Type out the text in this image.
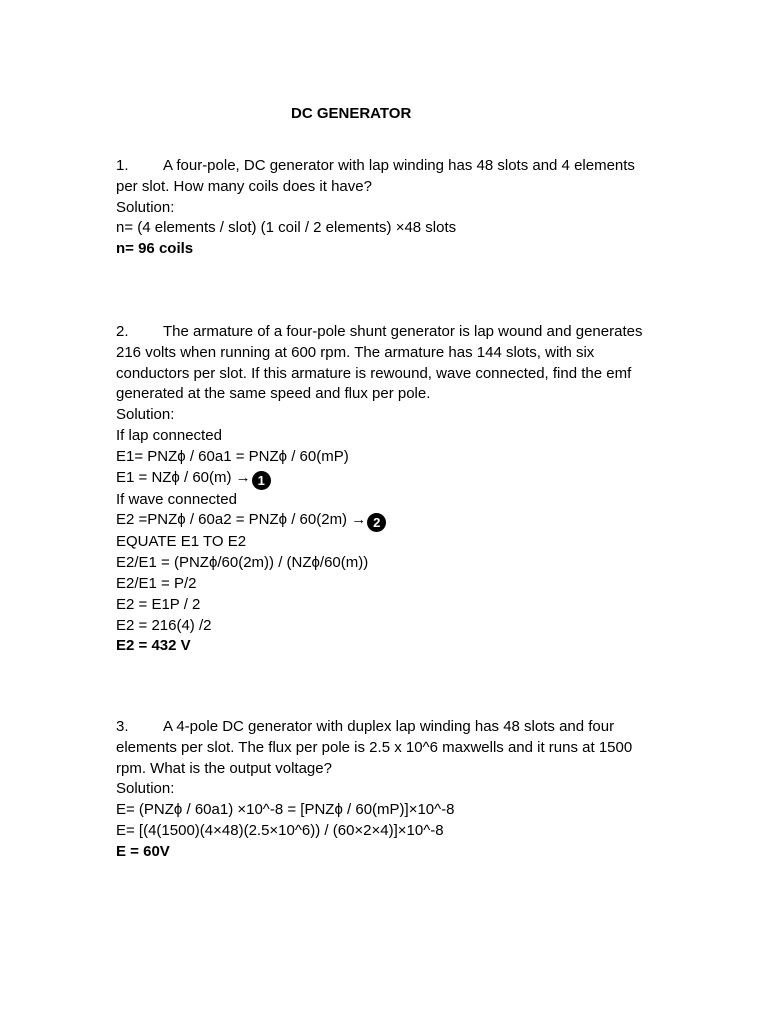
DC GENERATOR
1. A four-pole, DC generator with lap winding has 48 slots and 4 elements per slot. How many coils does it have?
Solution:
n= (4 elements / slot) (1 coil / 2 elements) ×48 slots
n= 96 coils
2. The armature of a four-pole shunt generator is lap wound and generates 216 volts when running at 600 rpm. The armature has 144 slots, with six conductors per slot. If this armature is rewound, wave connected, find the emf generated at the same speed and flux per pole.
Solution:
If lap connected
E1= PNZϕ / 60a1 = PNZϕ / 60(mP)
E1 = NZϕ / 60(m) → 1
If wave connected
E2 =PNZϕ / 60a2 = PNZϕ / 60(2m) → 2
EQUATE E1 TO E2
E2/E1 = (PNZϕ/60(2m)) / (NZϕ/60(m))
E2/E1 = P/2
E2 = E1P / 2
E2 = 216(4) /2
E2 = 432 V
3. A 4-pole DC generator with duplex lap winding has 48 slots and four elements per slot. The flux per pole is 2.5 x 10^6 maxwells and it runs at 1500 rpm. What is the output voltage?
Solution:
E= (PNZϕ / 60a1) ×10^-8 = [PNZϕ / 60(mP)]×10^-8
E= [(4(1500)(4×48)(2.5×10^6)) / (60×2×4)]×10^-8
E = 60V
